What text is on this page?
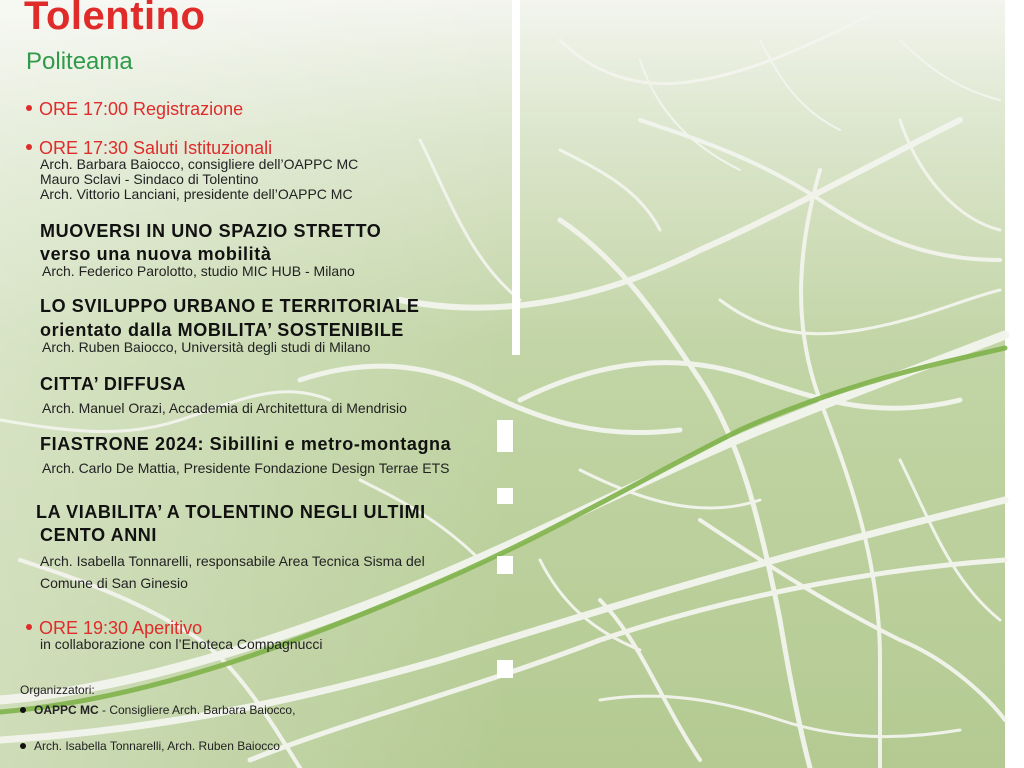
Tolentino
Politeama
ORE 17:00 Registrazione
ORE 17:30 Saluti Istituzionali
Arch. Barbara Baiocco, consigliere dell’OAPPC MC
Mauro Sclavi - Sindaco di Tolentino
Arch. Vittorio Lanciani, presidente dell’OAPPC MC
MUOVERSI IN UNO SPAZIO STRETTO
verso una nuova mobilità
Arch. Federico Parolotto, studio MIC HUB - Milano
LO SVILUPPO URBANO E TERRITORIALE
orientato dalla MOBILITA’ SOSTENIBILE
Arch. Ruben Baiocco, Università degli studi di Milano
CITTA’ DIFFUSA
Arch. Manuel Orazi, Accademia di Architettura di Mendrisio
FIASTRONE 2024: Sibillini e metro-montagna
Arch. Carlo De Mattia, Presidente Fondazione Design Terrae ETS
LA VIABILITA’ A TOLENTINO NEGLI ULTIMI
CENTO ANNI
Arch. Isabella Tonnarelli, responsabile Area Tecnica Sisma del
Comune di San Ginesio
ORE 19:30 Aperitivo
in collaborazione con l’Enoteca Compagnucci
Organizzatori:
OAPPC MC - Consigliere Arch. Barbara Baiocco,
Arch. Isabella Tonnarelli, Arch. Ruben Baiocco
